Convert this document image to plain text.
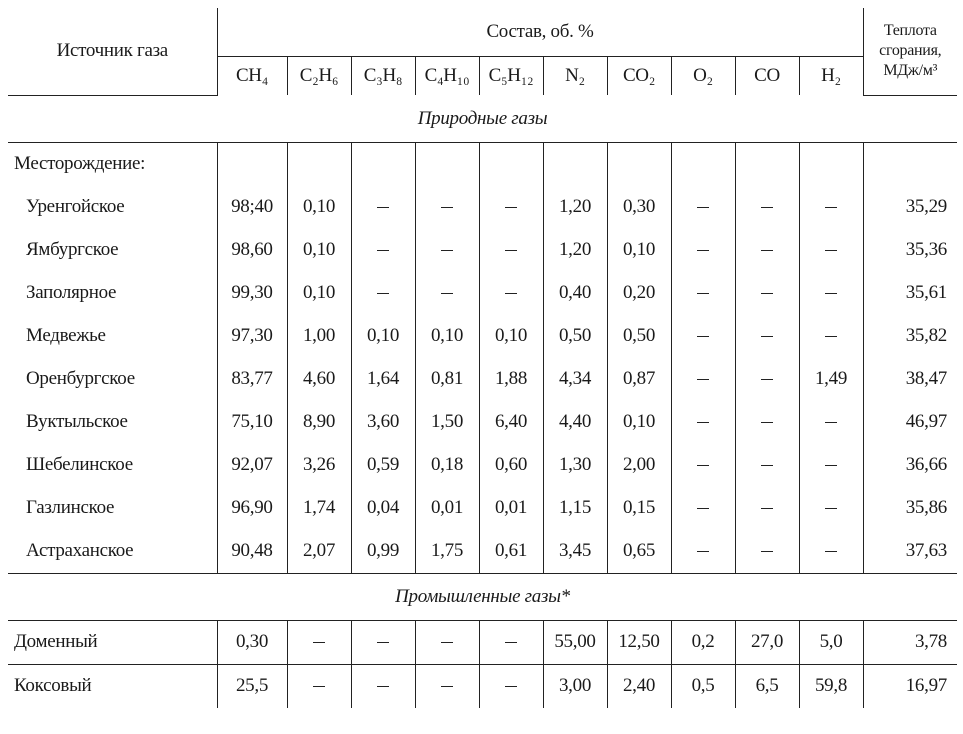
Источник газа	Состав, об. %										Теплота сгорания, МДж/м³
	CH₄	C₂H₆	C₃H₈	C₄H₁₀	C₅H₁₂	N₂	CO₂	O₂	CO	H₂	
Природные газы											
Месторождение:											
Уренгойское	98;40	0,10				1,20	0,30				35,29
Ямбургское	98,60	0,10				1,20	0,10				35,36
Заполярное	99,30	0,10				0,40	0,20				35,61
Медвежье	97,30	1,00	0,10	0,10	0,10	0,50	0,50				35,82
Оренбургское	83,77	4,60	1,64	0,81	1,88	4,34	0,87			1,49	38,47
Вуктыльское	75,10	8,90	3,60	1,50	6,40	4,40	0,10				46,97
Шебелинское	92,07	3,26	0,59	0,18	0,60	1,30	2,00				36,66
Газлинское	96,90	1,74	0,04	0,01	0,01	1,15	0,15				35,86
Астраханское	90,48	2,07	0,99	1,75	0,61	3,45	0,65				37,63
Промышленные газы*											
Доменный	0,30					55,00	12,50	0,2	27,0	5,0	3,78
Коксовый	25,5					3,00	2,40	0,5	6,5	59,8	16,97
